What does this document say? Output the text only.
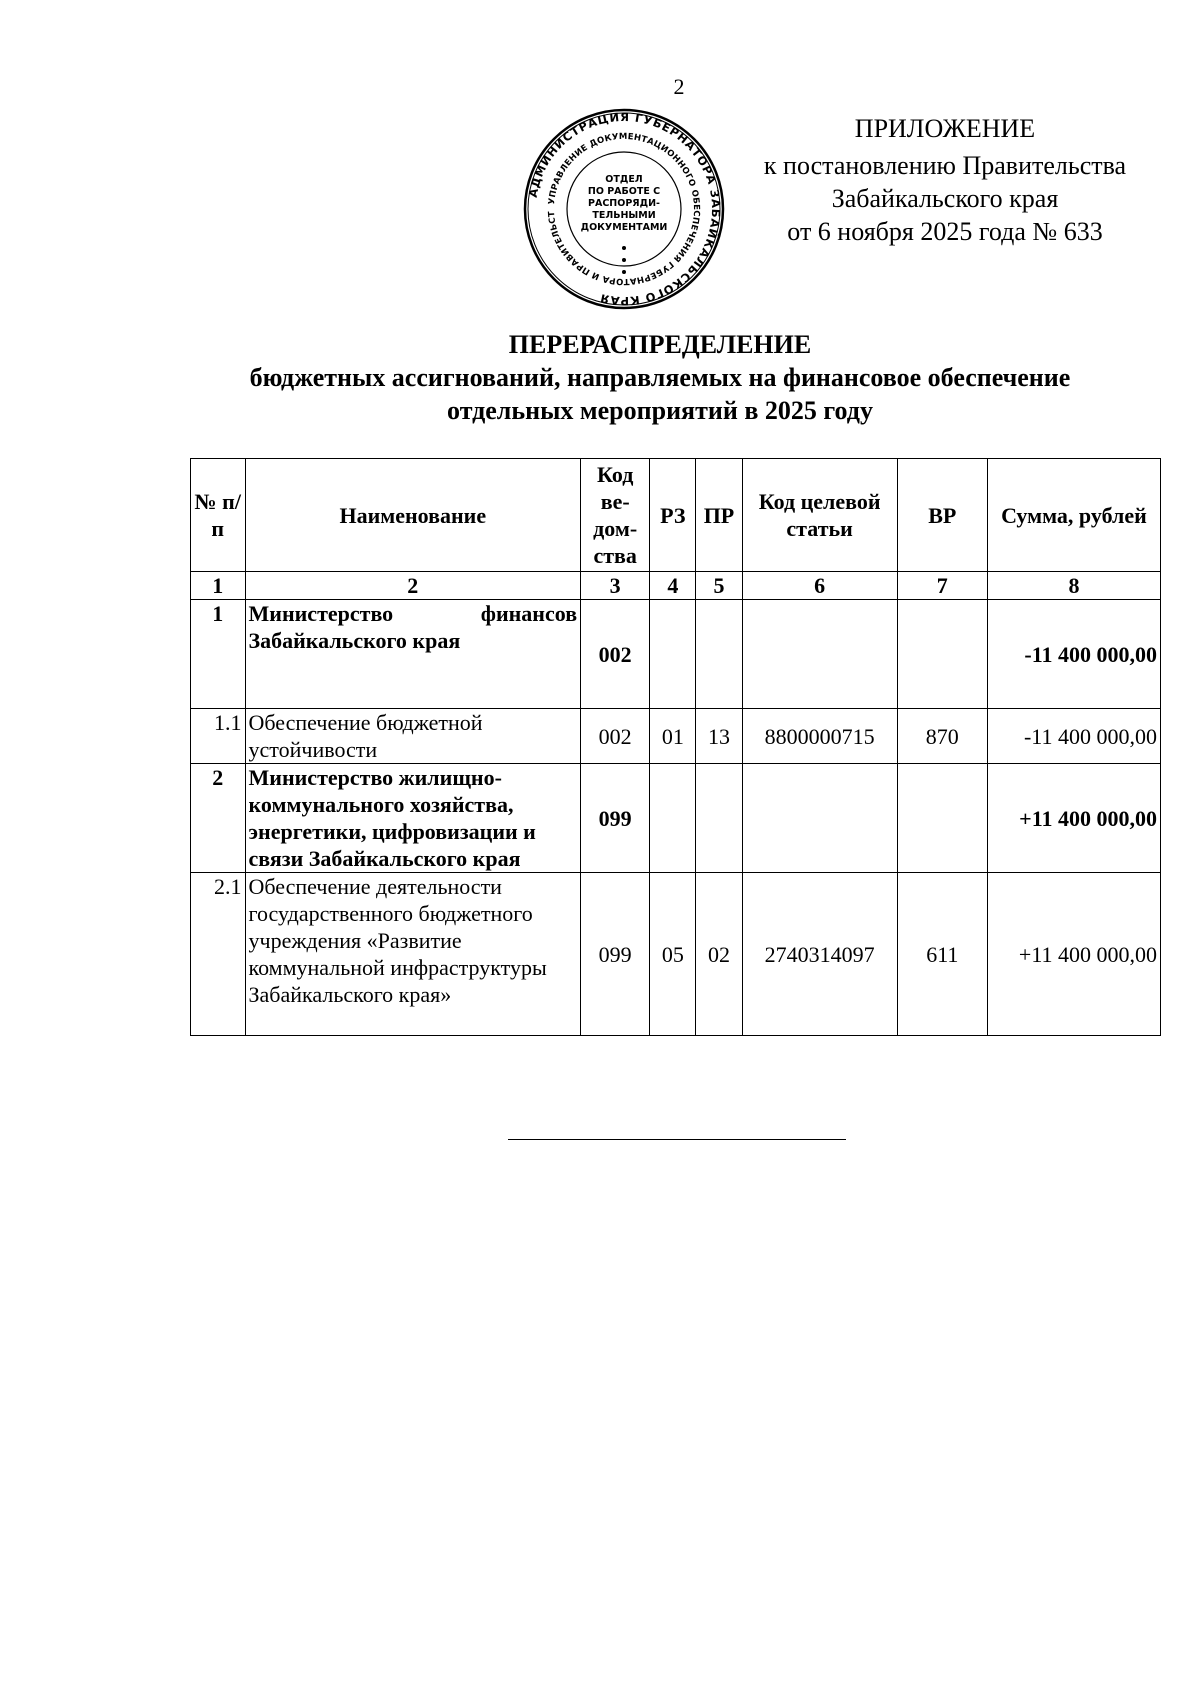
2
АДМИНИСТРАЦИЯ ГУБЕРНАТОРА ЗАБАЙКАЛЬСКОГО КРАЯ
УПРАВЛЕНИЕ ДОКУМЕНТАЦИОННОГО ОБЕСПЕЧЕНИЯ ГУБЕРНАТОРА И ПРАВИТЕЛЬСТ
ОТДЕЛ
ПО РАБОТЕ С
РАСПОРЯДИ-
ТЕЛЬНЫМИ
ДОКУМЕНТАМИ
ПРИЛОЖЕНИЕ
к постановлению Правительства
Забайкальского края
от 6 ноября 2025 года № 633
ПЕРЕРАСПРЕДЕЛЕНИЕ
бюджетных ассигнований, направляемых на финансовое обеспечение
отдельных мероприятий в 2025 году
№ п/п	Наименование	Код ве- дом- ства	РЗ	ПР	Код целевой статьи	ВР	Сумма, рублей
1	2	3	4	5	6	7	8
1	Министерство финансов Забайкальского края	002					-11 400 000,00
1.1	Обеспечение бюджетной устойчивости	002	01	13	8800000715	870	-11 400 000,00
2	Министерство жилищно-коммунального хозяйства, энергетики, цифровизации и связи Забайкальского края	099					+11 400 000,00
2.1	Обеспечение деятельности государственного бюджетного учреждения «Развитие коммунальной инфраструктуры Забайкальского края»	099	05	02	2740314097	611	+11 400 000,00
